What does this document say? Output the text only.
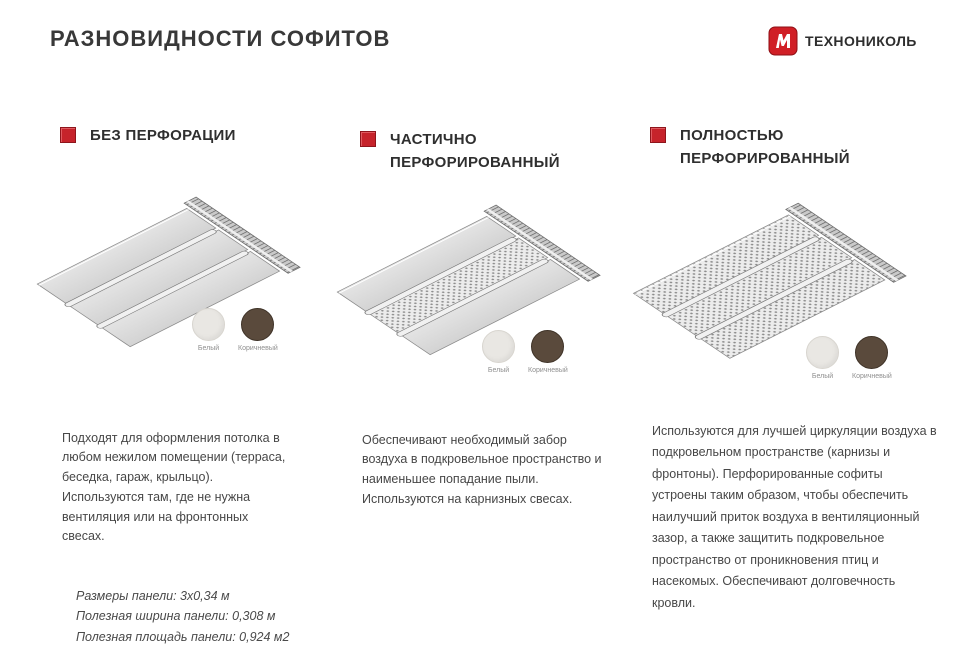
РАЗНОВИДНОСТИ СОФИТОВ	ТЕХНОНИКОЛЬ
БЕЗ ПЕРФОРАЦИИ	ЧАСТИЧНО ПЕРФОРИРОВАННЫЙ
ПОЛНОСТЬЮ ПЕРФОРИРОВАННЫЙ
Белый	Коричневый
Белый	Коричневый
Белый	Коричневый

Подходят для оформления потолка в любом нежилом помещении (терраса, беседка, гараж, крыльцо). Используются там, где не нужна вентиляция или на фронтонных свесах.

Обеспечивают необходимый забор воздуха в подкровельное пространство и наименьшее попадание пыли. Используются на карнизных свесах.

Используются для лучшей циркуляции воздуха в подкровельном пространстве (карнизы и фронтоны). Перфорированные софиты устроены таким образом, чтобы обеспечить наилучший приток воздуха в вентиляционный зазор, а также защитить подкровельное пространство от проникновения птиц и насекомых. Обеспечивают долговечность кровли.

Размеры панели: 3х0,34 м
Полезная ширина панели: 0,308 м
Полезная площадь панели: 0,924 м2
